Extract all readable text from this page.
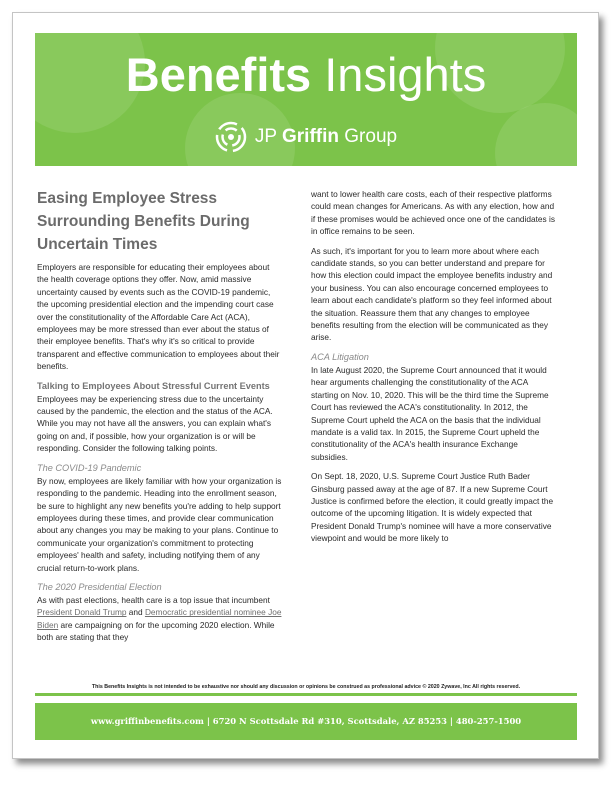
Benefits Insights
JP Griffin Group
Easing Employee Stress Surrounding Benefits During Uncertain Times

Employers are responsible for educating their employees about the health coverage options they offer. Now, amid massive uncertainty caused by events such as the COVID-19 pandemic, the upcoming presidential election and the impending court case over the constitutionality of the Affordable Care Act (ACA), employees may be more stressed than ever about the status of their employee benefits. That's why it's so critical to provide transparent and effective communication to employees about their benefits.

Talking to Employees About Stressful Current Events

Employees may be experiencing stress due to the uncertainty caused by the pandemic, the election and the status of the ACA. While you may not have all the answers, you can explain what's going on and, if possible, how your organization is or will be responding. Consider the following talking points.

The COVID-19 Pandemic

By now, employees are likely familiar with how your organization is responding to the pandemic. Heading into the enrollment season, be sure to highlight any new benefits you're adding to help support employees during these times, and provide clear communication about any changes you may be making to your plans. Continue to communicate your organization's commitment to protecting employees' health and safety, including notifying them of any crucial return-to-work plans.

The 2020 Presidential Election

As with past elections, health care is a top issue that incumbent President Donald Trump and Democratic presidential nominee Joe Biden are campaigning on for the upcoming 2020 election. While both are stating that they

want to lower health care costs, each of their respective platforms could mean changes for Americans. As with any election, how and if these promises would be achieved once one of the candidates is in office remains to be seen.

As such, it's important for you to learn more about where each candidate stands, so you can better understand and prepare for how this election could impact the employee benefits industry and your business. You can also encourage concerned employees to learn about each candidate's platform so they feel informed about the situation. Reassure them that any changes to employee benefits resulting from the election will be communicated as they arise.

ACA Litigation

In late August 2020, the Supreme Court announced that it would hear arguments challenging the constitutionality of the ACA starting on Nov. 10, 2020. This will be the third time the Supreme Court has reviewed the ACA's constitutionality. In 2012, the Supreme Court upheld the ACA on the basis that the individual mandate is a valid tax. In 2015, the Supreme Court upheld the constitutionality of the ACA's health insurance Exchange subsidies.

On Sept. 18, 2020, U.S. Supreme Court Justice Ruth Bader Ginsburg passed away at the age of 87. If a new Supreme Court Justice is confirmed before the election, it could greatly impact the outcome of the upcoming litigation. It is widely expected that President Donald Trump's nominee will have a more conservative viewpoint and would be more likely to

This Benefits Insights is not intended to be exhaustive nor should any discussion or opinions be construed as professional advice © 2020 Zywave, Inc All rights reserved.
www.griffinbenefits.com | 6720 N Scottsdale Rd #310, Scottsdale, AZ 85253 | 480-257-1500
